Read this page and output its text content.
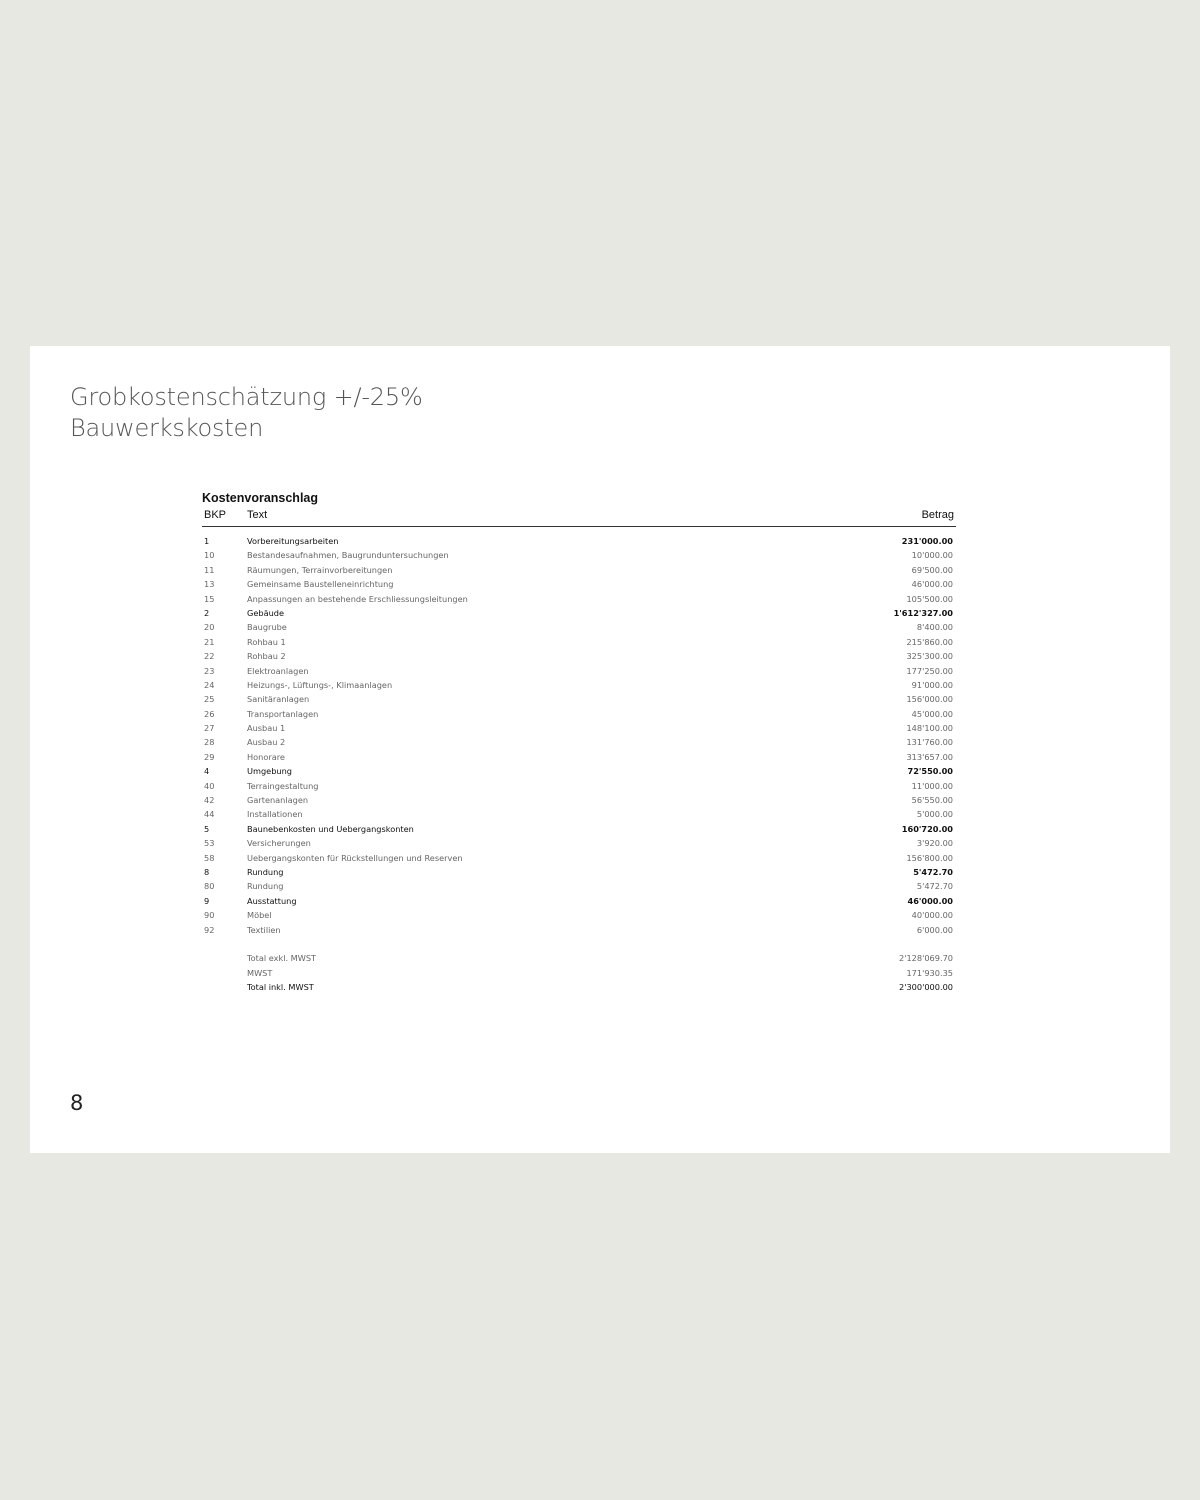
Grobkostenschätzung +/-25%
Bauwerkskosten
Kostenvoranschlag
BKP Text	Betrag
1	Vorbereitungsarbeiten	231'000.00
10	Bestandesaufnahmen, Baugrunduntersuchungen	10'000.00
11	Räumungen, Terrainvorbereitungen	69'500.00
13	Gemeinsame Baustelleneinrichtung	46'000.00
15	Anpassungen an bestehende Erschliessungsleitungen	105'500.00
2	Gebäude	1'612'327.00
20	Baugrube	8'400.00
21	Rohbau 1	215'860.00
22	Rohbau 2	325'300.00
23	Elektroanlagen	177'250.00
24	Heizungs-, Lüftungs-, Klimaanlagen	91'000.00
25	Sanitäranlagen	156'000.00
26	Transportanlagen	45'000.00
27	Ausbau 1	148'100.00
28	Ausbau 2	131'760.00
29	Honorare	313'657.00
4	Umgebung	72'550.00
40	Terraingestaltung	11'000.00
42	Gartenanlagen	56'550.00
44	Installationen	5'000.00
5	Baunebenkosten und Uebergangskonten	160'720.00
53	Versicherungen	3'920.00
58	Uebergangskonten für Rückstellungen und Reserven	156'800.00
8	Rundung	5'472.70
80	Rundung	5'472.70
9	Ausstattung	46'000.00
90	Möbel	40'000.00
92	Textilien	6'000.00
Total exkl. MWST	2'128'069.70
MWST	171'930.35
Total inkl. MWST	2'300'000.00
8
